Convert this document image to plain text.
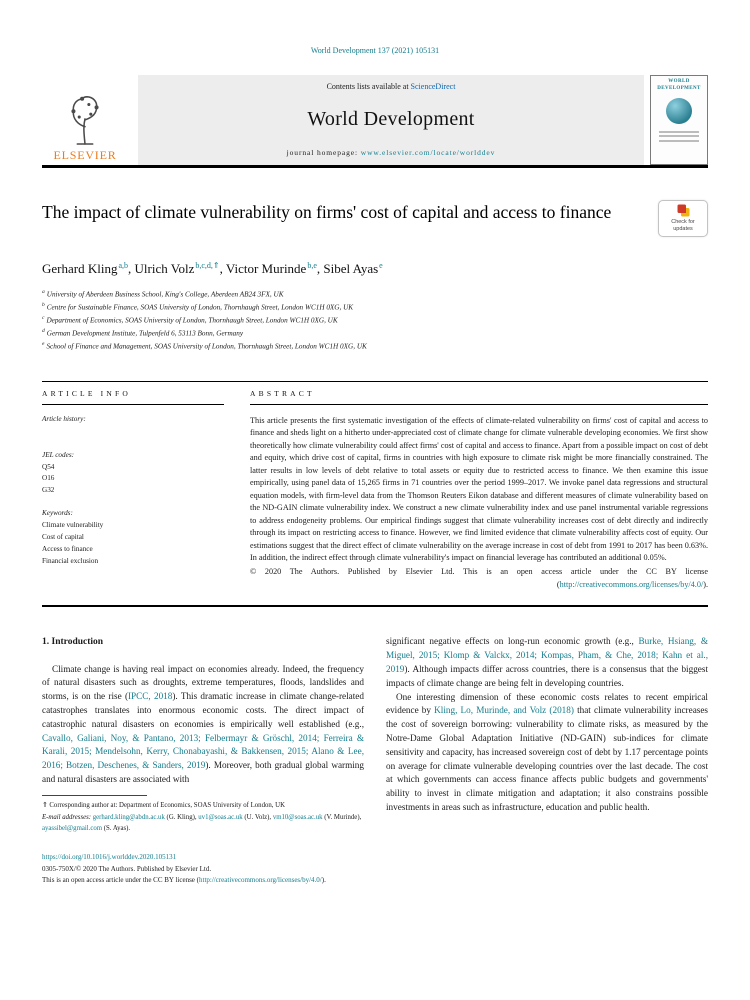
World Development 137 (2021) 105131
ELSEVIER
Contents lists available at ScienceDirect
World Development
journal homepage: www.elsevier.com/locate/worlddev
WORLD DEVELOPMENT
The impact of climate vulnerability on firms' cost of capital and access to finance	Check for updates
Gerhard Kling$^{a,b}$, Ulrich Volz$^{b,c,d,⇑}$, Victor Murinde$^{b,e}$, Sibel Ayas$^e$
$^a$ University of Aberdeen Business School, King's College, Aberdeen AB24 3FX, UK
$^b$ Centre for Sustainable Finance, SOAS University of London, Thornhaugh Street, London WC1H 0XG, UK
$^c$ Department of Economics, SOAS University of London, Thornhaugh Street, London WC1H 0XG, UK
$^d$ German Development Institute, Tulpenfeld 6, 53113 Bonn, Germany
$^e$ School of Finance and Management, SOAS University of London, Thornhaugh Street, London WC1H 0XG, UK
ARTICLE INFO
Article history:
JEL codes:
Q54
O16
G32
Keywords:
Climate vulnerability
Cost of capital
Access to finance
Financial exclusion
ABSTRACT

This article presents the first systematic investigation of the effects of climate-related vulnerability on firms' cost of capital and access to finance and sheds light on a hitherto under-appreciated cost of climate change for climate vulnerable developing economies. We first show theoretically how climate vulnerability could affect firms' cost of capital and access to finance. Apart from a possible impact on cost of debt and equity, which drive cost of capital, firms in countries with high exposure to climate risk might be more financially constrained. The latter results in low levels of debt relative to total assets or equity due to restricted access to finance. We then examine this issue empirically, using panel data of 15,265 firms in 71 countries over the period 1999–2017. We invoke panel data regressions and structural equation models, with firm-level data from the Thomson Reuters Eikon database and different measures of climate vulnerability based on the ND-GAIN climate vulnerability index. We construct a new climate vulnerability index and use panel instrumental variable regressions to address endogeneity problems. Our empirical findings suggest that climate vulnerability increases cost of debt directly and indirectly through its impact on restricting access to finance. However, we find limited evidence that climate vulnerability affects cost of equity. Our estimations suggest that the direct effect of climate vulnerability on the average increase in cost of debt from 1991 to 2017 has been 0.63%. In addition, the indirect effect through climate vulnerability's impact on financial leverage has contributed an additional 0.05%.

© 2020 The Authors. Published by Elsevier Ltd. This is an open access article under the CC BY license (http://creativecommons.org/licenses/by/4.0/).

1. Introduction

Climate change is having real impact on economies already. Indeed, the frequency of natural disasters such as droughts, extreme temperatures, floods, landslides and storms, is on the rise (IPCC, 2018). This dramatic increase in climate change-related catastrophes translates into enormous economic costs. The direct impact of catastrophic natural disasters on economies is empirically well established (e.g., Cavallo, Galiani, Noy, & Pantano, 2013; Felbermayr & Gröschl, 2014; Ferreira & Karali, 2015; Mendelsohn, Kerry, Chonabayashi, & Bakkensen, 2015; Alano & Lee, 2016; Botzen, Deschenes, & Sanders, 2019). Moreover, both gradual global warming and natural disasters are associated with

⇑ Corresponding author at: Department of Economics, SOAS University of London, UK

E-mail addresses: gerhard.kling@abdn.ac.uk (G. Kling), uv1@soas.ac.uk (U. Volz), vm10@soas.ac.uk (V. Murinde), ayassibel@gmail.com (S. Ayas).

significant negative effects on long-run economic growth (e.g., Burke, Hsiang, & Miguel, 2015; Klomp & Valckx, 2014; Kompas, Pham, & Che, 2018; Kahn et al., 2019). Although impacts differ across countries, there is a consensus that the biggest impacts of climate change are being felt in developing countries.

One interesting dimension of these economic costs relates to recent empirical evidence by Kling, Lo, Murinde, and Volz (2018) that climate vulnerability increases the cost of sovereign borrowing: vulnerability to climate risks, as measured by the Notre-Dame Global Adaptation Initiative (ND-GAIN) sub-indices for climate sensitivity and capacity, has increased sovereign cost of debt by 1.17 percentage points on average for climate vulnerable developing countries over the last decade. The cost at which governments can access finance affects public budgets and governments' ability to invest in climate mitigation and adaptation; it also constrains possible investments in areas such as infrastructure, education and public health.

https://doi.org/10.1016/j.worlddev.2020.105131
0305-750X/© 2020 The Authors. Published by Elsevier Ltd.
This is an open access article under the CC BY license (http://creativecommons.org/licenses/by/4.0/).
